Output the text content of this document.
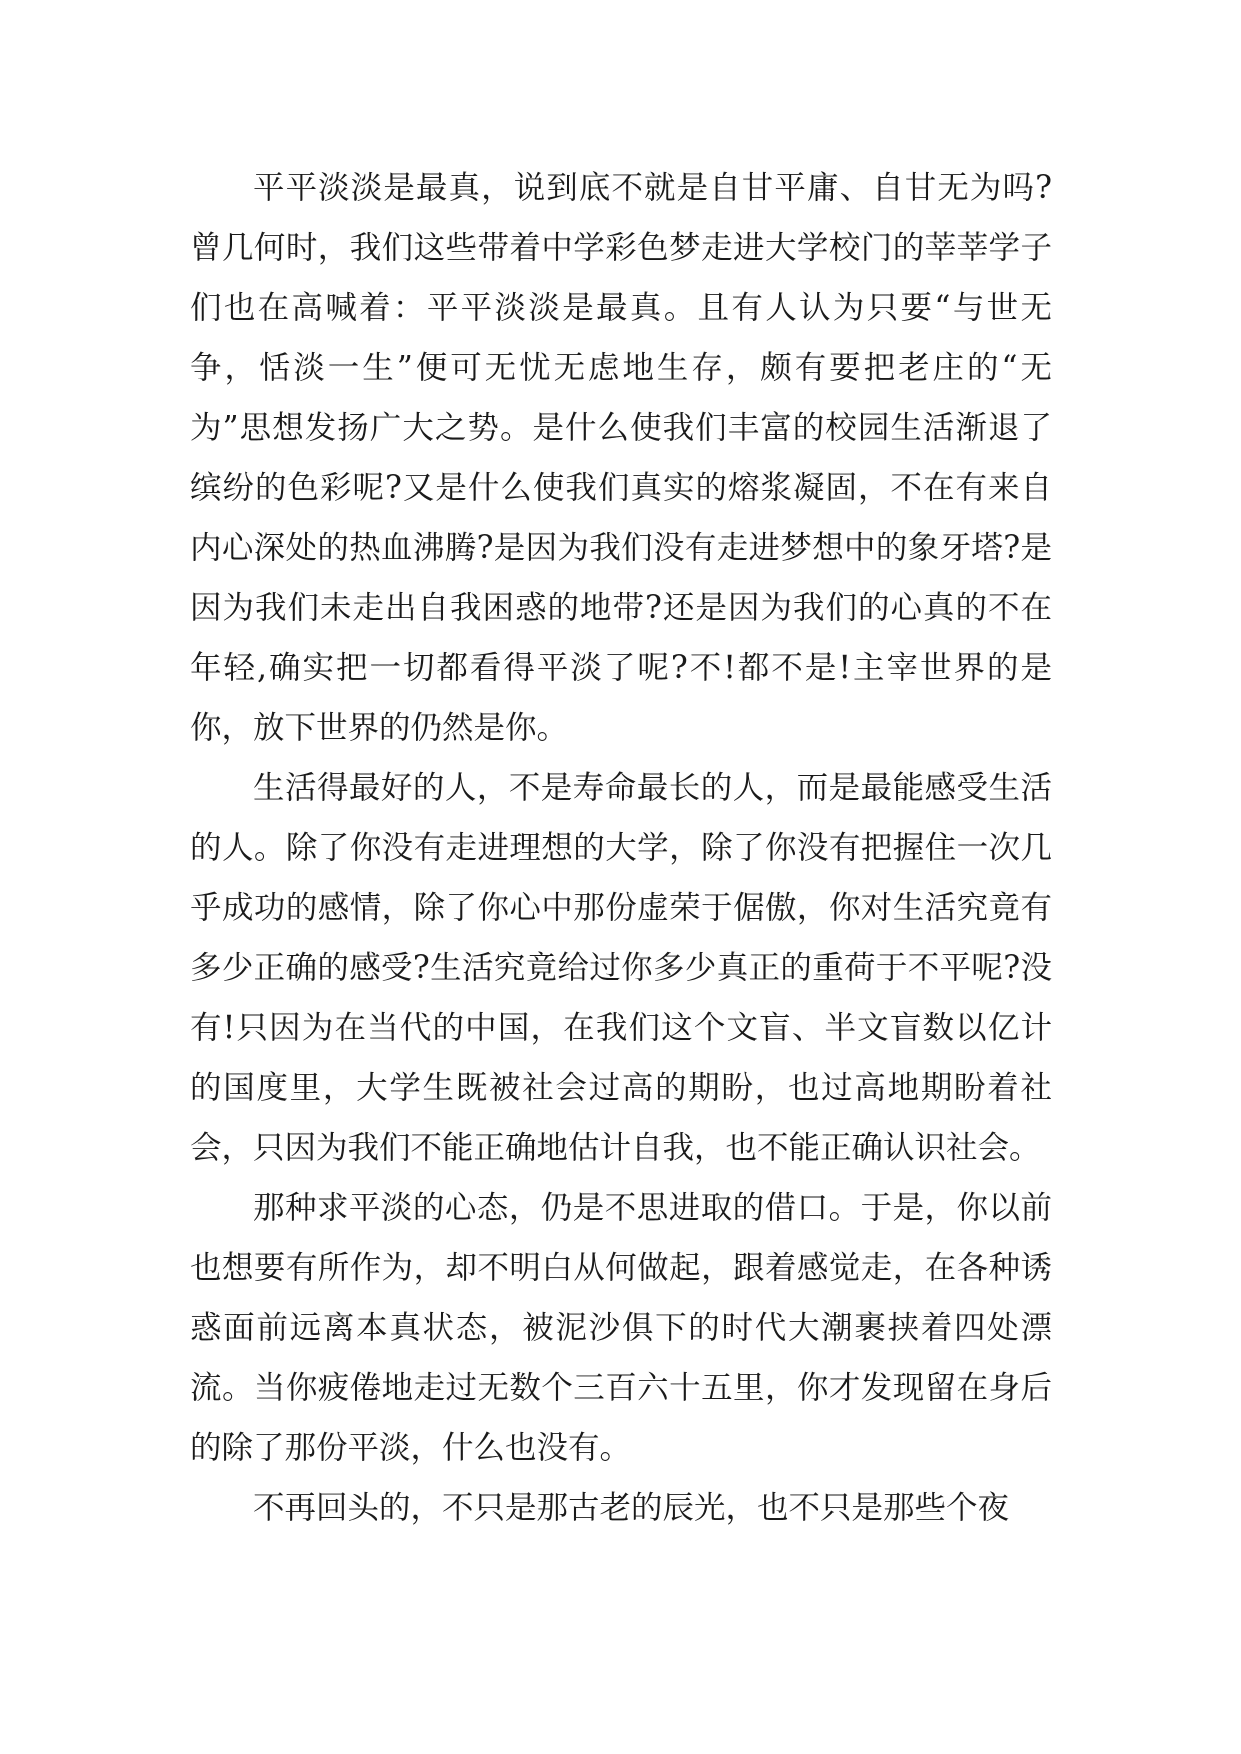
平平淡淡是最真，说到底不就是自甘平庸、自甘无为吗?曾几何时，我们这些带着中学彩色梦走进大学校门的莘莘学子们也在高喊着：平平淡淡是最真。且有人认为只要“与世无争，恬淡一生”便可无忧无虑地生存，颇有要把老庄的“无为”思想发扬广大之势。是什么使我们丰富的校园生活渐退了缤纷的色彩呢?又是什么使我们真实的熔浆凝固，不在有来自内心深处的热血沸腾?是因为我们没有走进梦想中的象牙塔?是因为我们未走出自我困惑的地带?还是因为我们的心真的不在年轻,确实把一切都看得平淡了呢?不!都不是!主宰世界的是你，放下世界的仍然是你。

生活得最好的人，不是寿命最长的人，而是最能感受生活的人。除了你没有走进理想的大学，除了你没有把握住一次几乎成功的感情，除了你心中那份虚荣于倨傲，你对生活究竟有多少正确的感受?生活究竟给过你多少真正的重荷于不平呢?没有!只因为在当代的中国，在我们这个文盲、半文盲数以亿计的国度里，大学生既被社会过高的期盼，也过高地期盼着社会，只因为我们不能正确地估计自我，也不能正确认识社会。

那种求平淡的心态，仍是不思进取的借口。于是，你以前也想要有所作为，却不明白从何做起，跟着感觉走，在各种诱惑面前远离本真状态，被泥沙俱下的时代大潮裹挟着四处漂流。当你疲倦地走过无数个三百六十五里，你才发现留在身后的除了那份平淡，什么也没有。

不再回头的，不只是那古老的辰光，也不只是那些个夜
